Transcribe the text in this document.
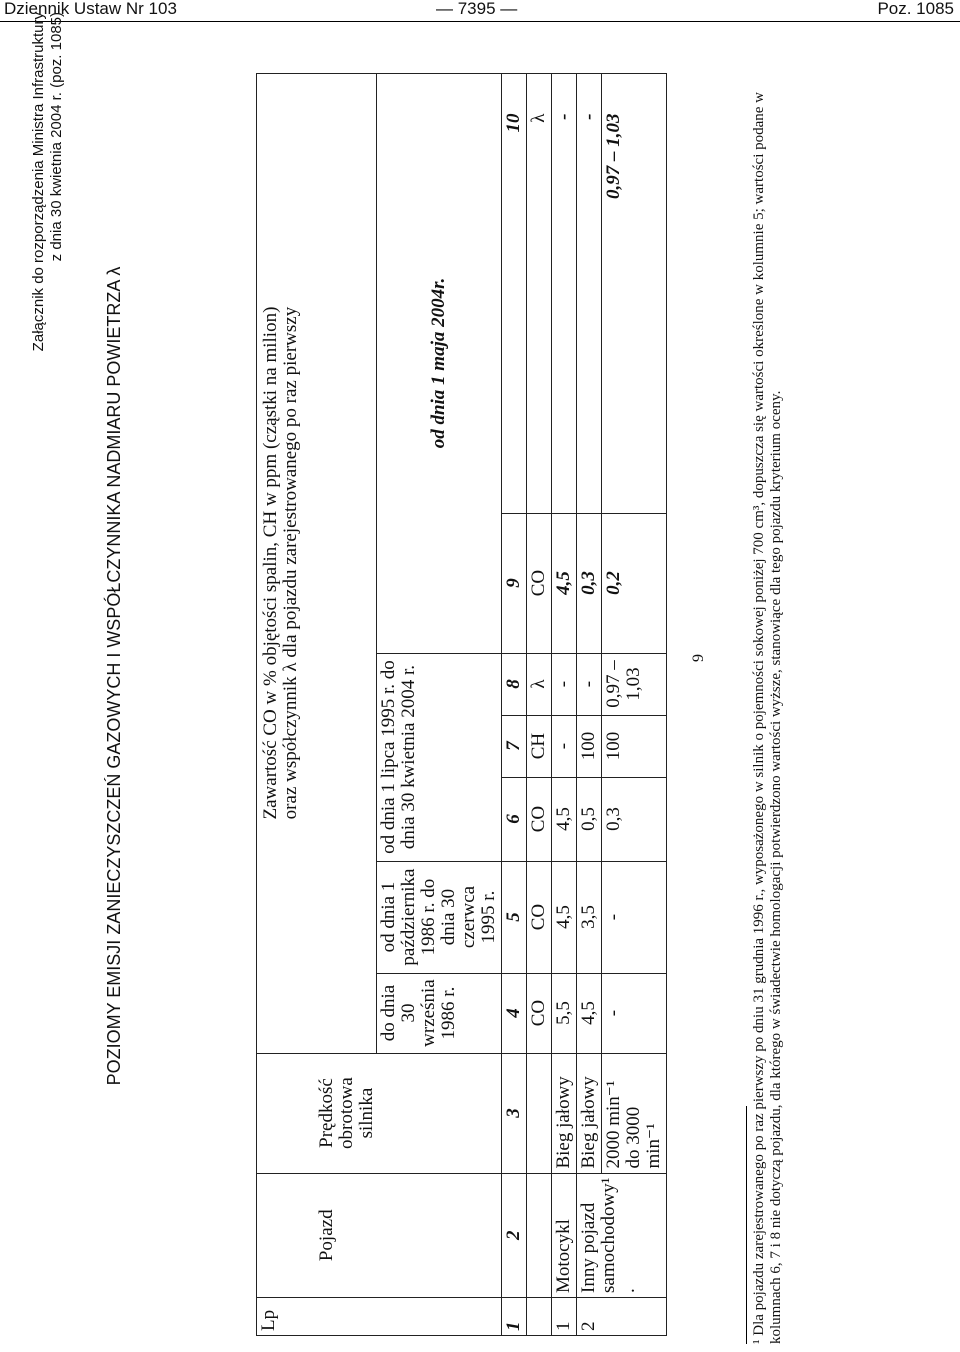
Dziennik Ustaw Nr 103	— 7395 —	Poz. 1085
Załącznik do rozporządzenia Ministra Infrastruktury z dnia 30 kwietnia 2004 r. (poz. 1085)
POZIOMY EMISJI ZANIECZYSZCZEŃ GAZOWYCH I WSPÓŁCZYNNIKA NADMIARU POWIETRZA λ
Lp	Pojazd	Prędkość obrotowa silnika	Zawartość CO w % objętości spalin, CH w ppm (cząstki na milion) oraz współczynnik λ dla pojazdu zarejestrowanego po raz pierwszy						
			do dnia 30 września 1986 r.	od dnia 1 października 1986 r. do dnia 30 czerwca 1995 r.	od dnia 1 lipca 1995 r. do dnia 30 kwietnia 2004 r.			od dnia 1 maja 2004r.	
1	2	3	4	5	6	7	8	9	10
			CO	CO	CO	CH	λ	CO	λ
1	Motocykl	Bieg jałowy	5,5	4,5	4,5	-	-	4,5	-
2	Inny pojazd samochodowy¹ .	Bieg jałowy	4,5	3,5	0,5	100	-	0,3	-
		2000 min⁻¹ do 3000 min⁻¹	-	-	0,3	100	0,97 – 1,03	0,2	0,97 – 1,03	¹ Dla pojazdu zarejestrowanego po raz pierwszy po dniu 31 grudnia 1996 r., wyposażonego w silnik o pojemności sokowej poniżej 700 cm³, dopuszcza się wartości określone w kolumnie 5; wartości podane w kolumnach 6, 7 i 8 nie dotyczą pojazdu, dla którego w świadectwie homologacji potwierdzono wartości wyższe, stanowiące dla tego pojazdu kryterium oceny.
9
